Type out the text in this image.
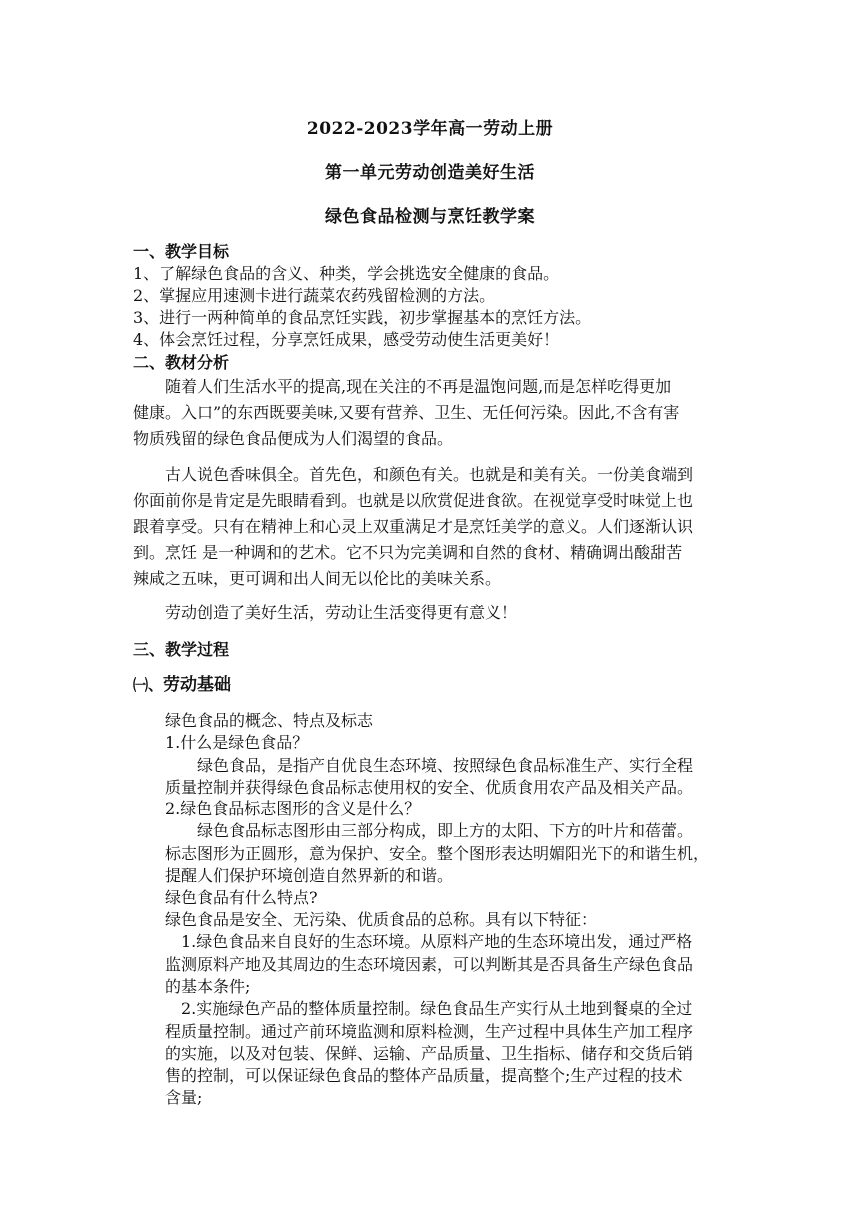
2022-2023学年高一劳动上册
第一单元劳动创造美好生活
绿色食品检测与烹饪教学案
一、教学目标
1、了解绿色食品的含义、种类，学会挑选安全健康的食品。
2、掌握应用速测卡进行蔬菜农药残留检测的方法。
3、进行一两种简单的食品烹饪实践，初步掌握基本的烹饪方法。
4、体会烹饪过程，分享烹饪成果，感受劳动使生活更美好！
二、教材分析
随着人们生活水平的提高,现在关注的不再是温饱问题,而是怎样吃得更加
健康。入口”的东西既要美味,又要有营养、卫生、无任何污染。因此,不含有害
物质残留的绿色食品便成为人们渴望的食品。
古人说色香味俱全。首先色，和颜色有关。也就是和美有关。一份美食端到
你面前你是肯定是先眼睛看到。也就是以欣赏促进食欲。在视觉享受时味觉上也
跟着享受。只有在精神上和心灵上双重满足才是烹饪美学的意义。人们逐渐认识
到。烹饪 是一种调和的艺术。它不只为完美调和自然的食材、精确调出酸甜苦
辣咸之五味，更可调和出人间无以伦比的美味关系。
劳动创造了美好生活，劳动让生活变得更有意义！
三、教学过程
㈠、劳动基础
绿色食品的概念、特点及标志
1.什么是绿色食品？
绿色食品，是指产自优良生态环境、按照绿色食品标准生产、实行全程
质量控制并获得绿色食品标志使用权的安全、优质食用农产品及相关产品。
2.绿色食品标志图形的含义是什么？
绿色食品标志图形由三部分构成，即上方的太阳、下方的叶片和蓓蕾。
标志图形为正圆形，意为保护、安全。整个图形表达明媚阳光下的和谐生机，
提醒人们保护环境创造自然界新的和谐。
绿色食品有什么特点?
绿色食品是安全、无污染、优质食品的总称。具有以下特征：
1.绿色食品来自良好的生态环境。从原料产地的生态环境出发，通过严格
监测原料产地及其周边的生态环境因素，可以判断其是否具备生产绿色食品
的基本条件;
2.实施绿色产品的整体质量控制。绿色食品生产实行从土地到餐桌的全过
程质量控制。通过产前环境监测和原料检测，生产过程中具体生产加工程序
的实施，以及对包装、保鲜、运输、产品质量、卫生指标、储存和交货后销
售的控制，可以保证绿色食品的整体产品质量，提高整个;生产过程的技术
含量;
